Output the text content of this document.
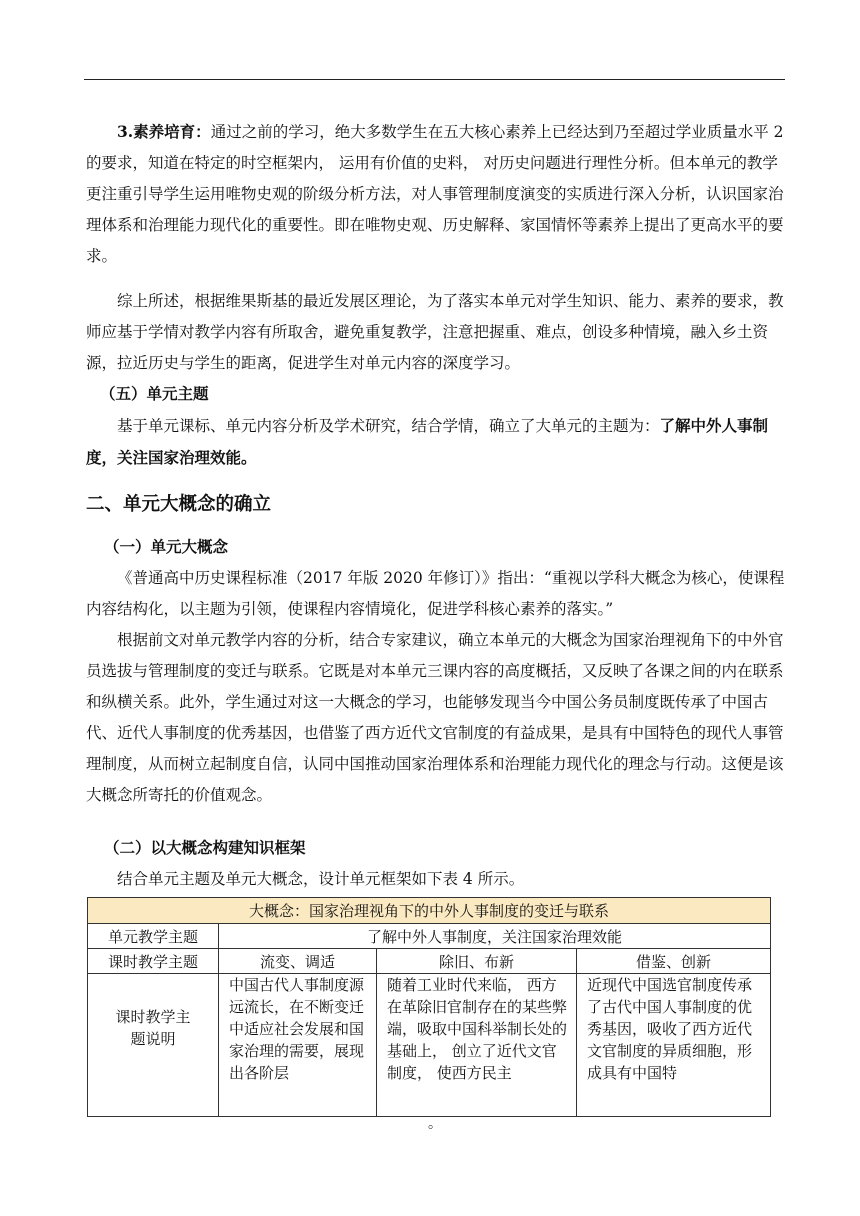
3.素养培育：通过之前的学习，绝大多数学生在五大核心素养上已经达到乃至超过学业质量水平 2 的要求，知道在特定的时空框架内， 运用有价值的史料， 对历史问题进行理性分析。但本单元的教学更注重引导学生运用唯物史观的阶级分析方法，对人事管理制度演变的实质进行深入分析，认识国家治理体系和治理能力现代化的重要性。即在唯物史观、历史解释、家国情怀等素养上提出了更高水平的要求。
综上所述，根据维果斯基的最近发展区理论，为了落实本单元对学生知识、能力、素养的要求，教师应基于学情对教学内容有所取舍，避免重复教学，注意把握重、难点，创设多种情境，融入乡土资源，拉近历史与学生的距离，促进学生对单元内容的深度学习。
（五）单元主题
基于单元课标、单元内容分析及学术研究，结合学情，确立了大单元的主题为：了解中外人事制度，关注国家治理效能。
二、单元大概念的确立
（一）单元大概念
《普通高中历史课程标准（2017 年版 2020 年修订）》指出：“重视以学科大概念为核心，使课程内容结构化，以主题为引领，使课程内容情境化，促进学科核心素养的落实。”
根据前文对单元教学内容的分析，结合专家建议，确立本单元的大概念为国家治理视角下的中外官员选拔与管理制度的变迁与联系。它既是对本单元三课内容的高度概括，又反映了各课之间的内在联系和纵横关系。此外，学生通过对这一大概念的学习，也能够发现当今中国公务员制度既传承了中国古代、近代人事制度的优秀基因，也借鉴了西方近代文官制度的有益成果，是具有中国特色的现代人事管理制度，从而树立起制度自信，认同中国推动国家治理体系和治理能力现代化的理念与行动。这便是该大概念所寄托的价值观念。
（二）以大概念构建知识框架
结合单元主题及单元大概念，设计单元框架如下表 4 所示。
大概念：国家治理视角下的中外人事制度的变迁与联系			
单元教学主题	了解中外人事制度，关注国家治理效能		
课时教学主题	流变、调适	除旧、布新	借鉴、创新
课时教学主题说明	中国古代人事制度源远流长，在不断变迁中适应社会发展和国家治理的需要，展现出各阶层	随着工业时代来临， 西方在革除旧官制存在的某些弊端，吸取中国科举制长处的基础上， 创立了近代文官制度， 使西方民主	近现代中国选官制度传承了古代中国人事制度的优秀基因，吸收了西方近代文官制度的异质细胞，形成具有中国特
。
